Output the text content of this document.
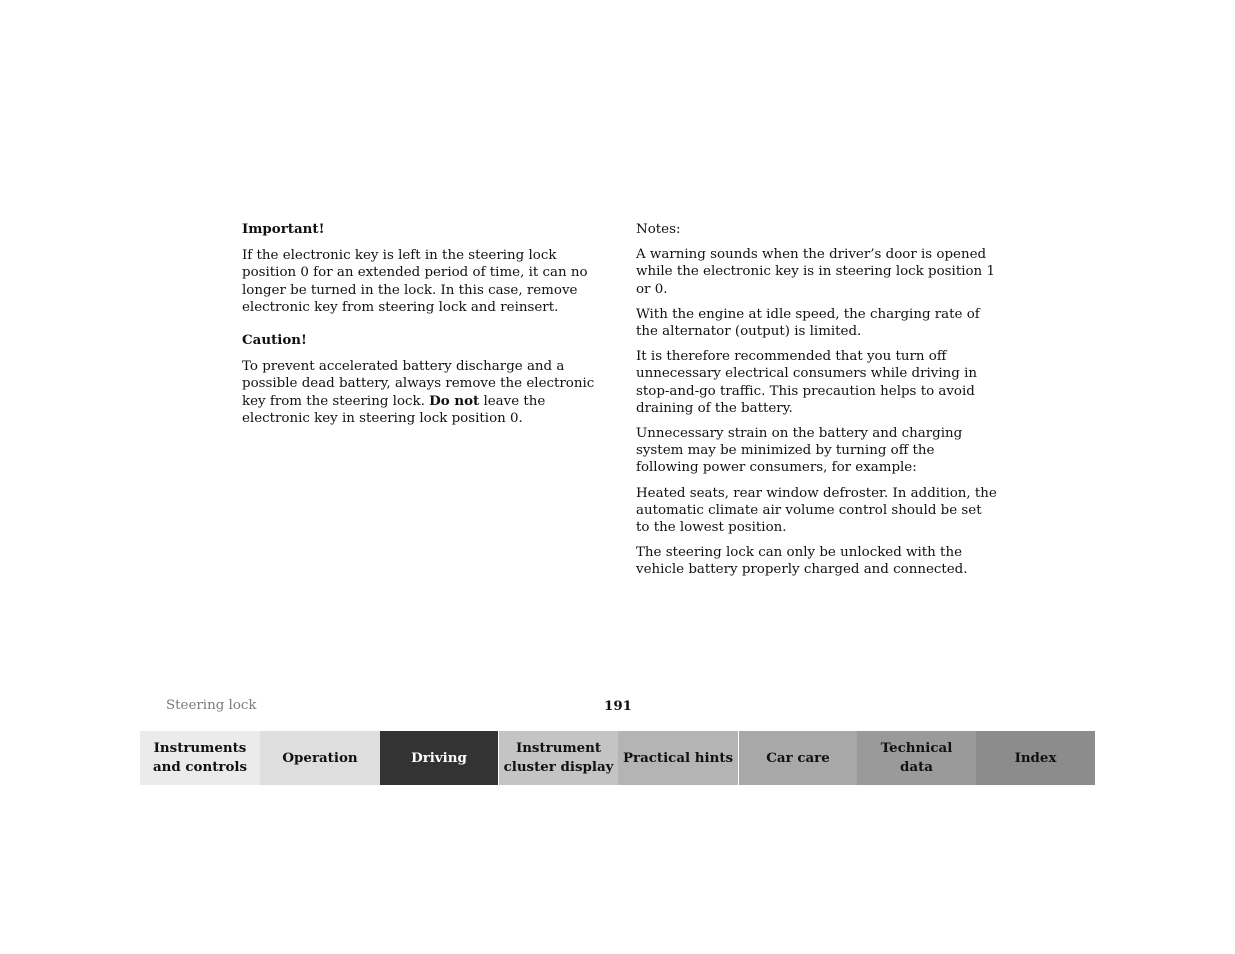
Important!

If the electronic key is left in the steering lock position 0 for an extended period of time, it can no longer be turned in the lock. In this case, remove electronic key from steering lock and reinsert.

Caution!

To prevent accelerated battery discharge and a possible dead battery, always remove the electronic key from the steering lock. Do not leave the electronic key in steering lock position 0.

Notes:

A warning sounds when the driver’s door is opened while the electronic key is in steering lock position 1 or 0.

With the engine at idle speed, the charging rate of the alternator (output) is limited.

It is therefore recommended that you turn off unnecessary electrical consumers while driving in stop-and-go traffic. This precaution helps to avoid draining of the battery.

Unnecessary strain on the battery and charging system may be minimized by turning off the following power consumers, for example:

Heated seats, rear window defroster. In addition, the automatic climate air volume control should be set to the lowest position.

The steering lock can only be unlocked with the vehicle battery properly charged and connected.

Steering lock	191
Instruments
and controls
Operation	Driving
Instrument
cluster display
Practical hints	Car care
Technical
data
Index
